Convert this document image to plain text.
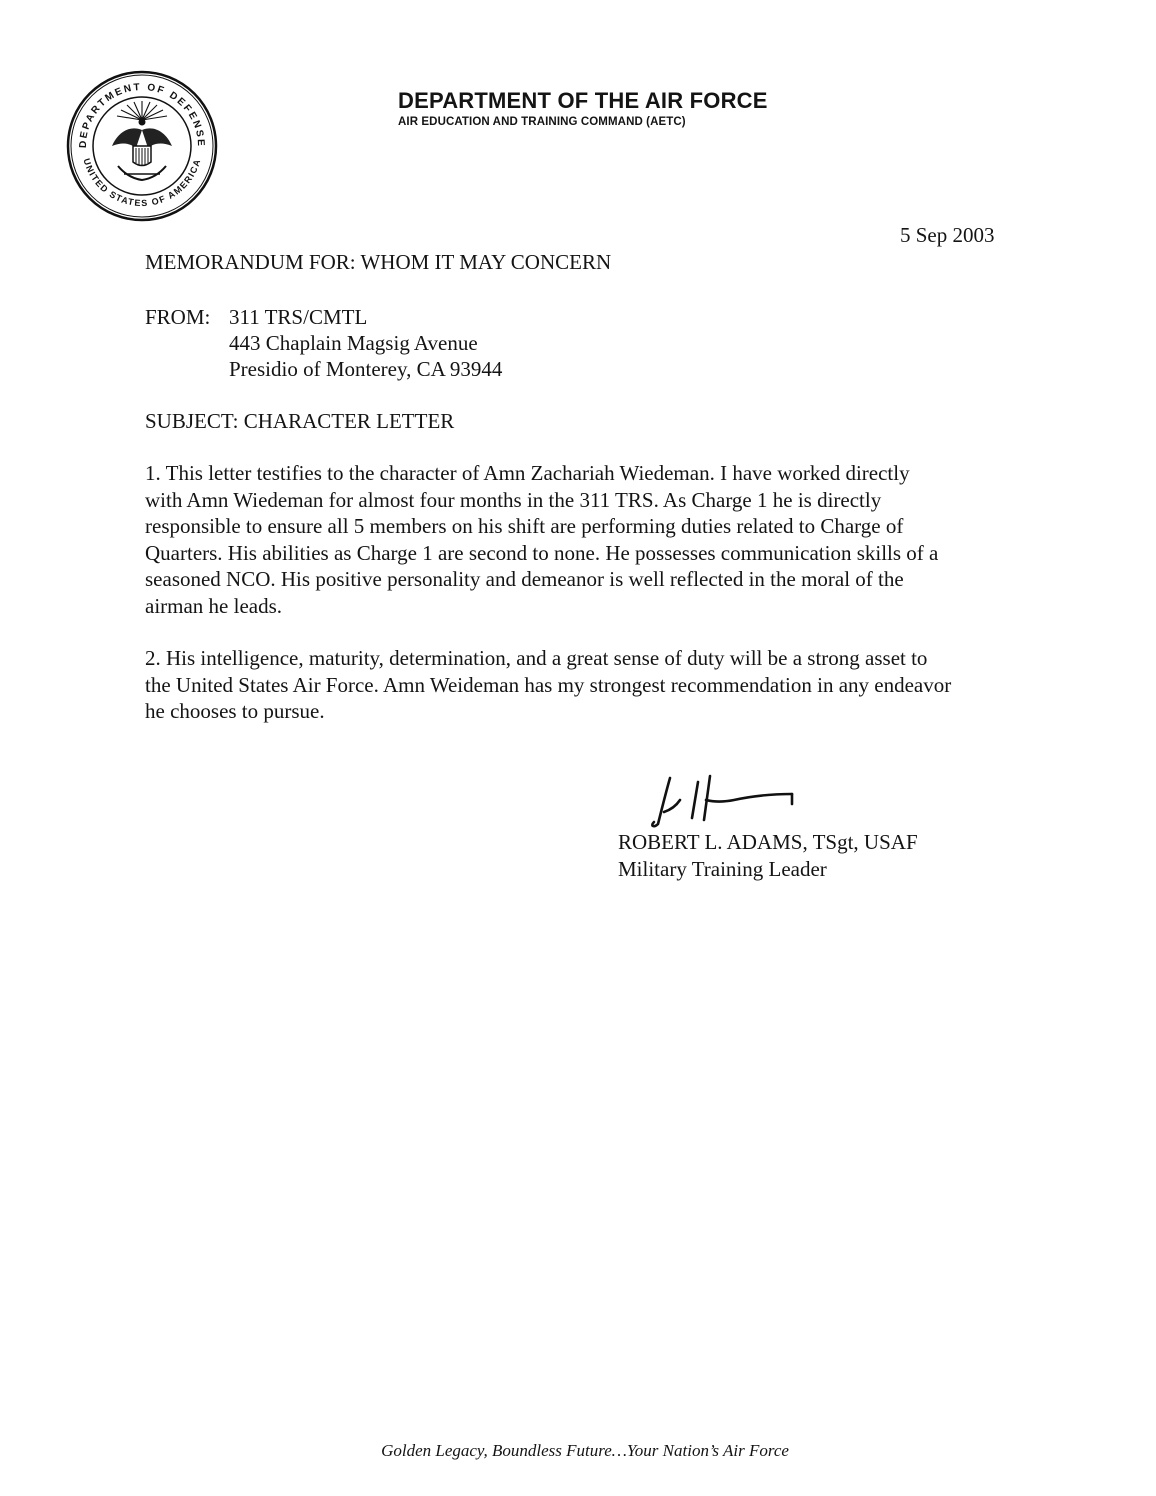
DEPARTMENT OF DEFENSE
UNITED STATES OF AMERICA
DEPARTMENT OF THE AIR FORCE
AIR EDUCATION AND TRAINING COMMAND (AETC)
5 Sep 2003
MEMORANDUM FOR: WHOM IT MAY CONCERN
FROM: 311 TRS/CMTL
443 Chaplain Magsig Avenue
Presidio of Monterey, CA 93944
SUBJECT: CHARACTER LETTER
1. This letter testifies to the character of Amn Zachariah Wiedeman. I have worked directly
with Amn Wiedeman for almost four months in the 311 TRS. As Charge 1 he is directly
responsible to ensure all 5 members on his shift are performing duties related to Charge of
Quarters. His abilities as Charge 1 are second to none. He possesses communication skills of a
seasoned NCO. His positive personality and demeanor is well reflected in the moral of the
airman he leads.
2. His intelligence, maturity, determination, and a great sense of duty will be a strong asset to
the United States Air Force. Amn Weideman has my strongest recommendation in any endeavor
he chooses to pursue.
ROBERT L. ADAMS, TSgt, USAF
Military Training Leader
Golden Legacy, Boundless Future…Your Nation’s Air Force
